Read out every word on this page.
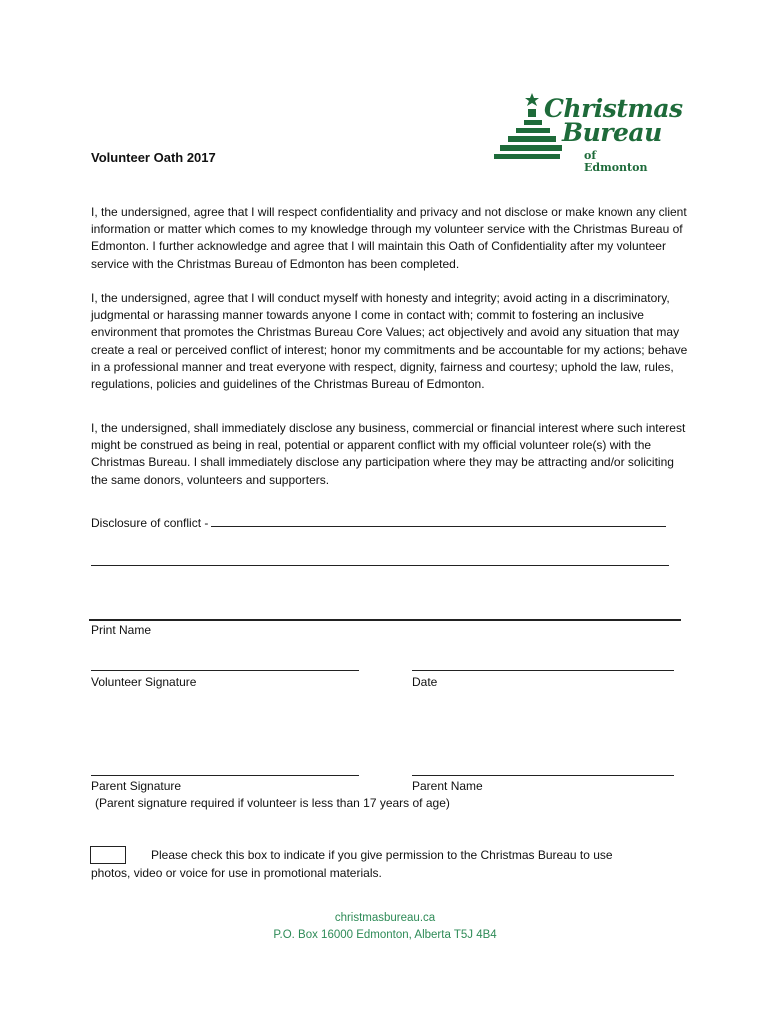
Christmas
Bureau
of Edmonton
Volunteer Oath 2017

I, the undersigned, agree that I will respect confidentiality and privacy and not disclose or make known any client information or matter which comes to my knowledge through my volunteer service with the Christmas Bureau of Edmonton. I further acknowledge and agree that I will maintain this Oath of Confidentiality after my volunteer service with the Christmas Bureau of Edmonton has been completed.

I, the undersigned, agree that I will conduct myself with honesty and integrity; avoid acting in a discriminatory, judgmental or harassing manner towards anyone I come in contact with; commit to fostering an inclusive environment that promotes the Christmas Bureau Core Values; act objectively and avoid any situation that may create a real or perceived conflict of interest; honor my commitments and be accountable for my actions; behave in a professional manner and treat everyone with respect, dignity, fairness and courtesy; uphold the law, rules, regulations, policies and guidelines of the Christmas Bureau of Edmonton.

I, the undersigned, shall immediately disclose any business, commercial or financial interest where such interest might be construed as being in real, potential or apparent conflict with my official volunteer role(s) with the Christmas Bureau. I shall immediately disclose any participation where they may be attracting and/or soliciting the same donors, volunteers and supporters.

Disclosure of conflict -
Print Name
Volunteer Signature	Date
Parent Signature	Parent Name
(Parent signature required if volunteer is less than 17 years of age)

Please check this box to indicate if you give permission to the Christmas Bureau to use photos, video or voice for use in promotional materials.

christmasbureau.ca
P.O. Box 16000 Edmonton, Alberta T5J 4B4
